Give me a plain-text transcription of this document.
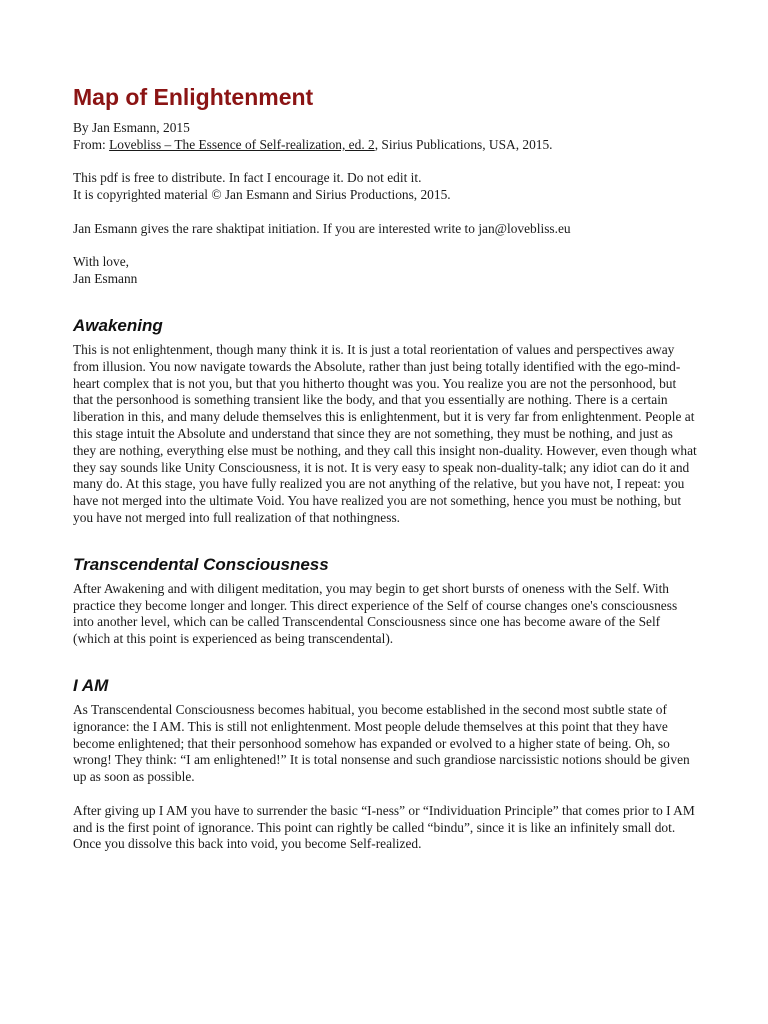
Map of Enlightenment

By Jan Esmann, 2015

From: Lovebliss – The Essence of Self-realization, ed. 2, Sirius Publications, USA, 2015.

This pdf is free to distribute. In fact I encourage it. Do not edit it.

It is copyrighted material © Jan Esmann and Sirius Productions, 2015.

Jan Esmann gives the rare shaktipat initiation. If you are interested write to jan@lovebliss.eu

With love,

Jan Esmann

Awakening

This is not enlightenment, though many think it is. It is just a total reorientation of values and perspectives away from illusion. You now navigate towards the Absolute, rather than just being totally identified with the ego-mind-heart complex that is not you, but that you hitherto thought was you. You realize you are not the personhood, but that the personhood is something transient like the body, and that you essentially are nothing. There is a certain liberation in this, and many delude themselves this is enlightenment, but it is very far from enlightenment. People at this stage intuit the Absolute and understand that since they are not something, they must be nothing, and just as they are nothing, everything else must be nothing, and they call this insight non-duality. However, even though what they say sounds like Unity Consciousness, it is not. It is very easy to speak non-duality-talk; any idiot can do it and many do. At this stage, you have fully realized you are not anything of the relative, but you have not, I repeat: you have not merged into the ultimate Void. You have realized you are not something, hence you must be nothing, but you have not merged into full realization of that nothingness.

Transcendental Consciousness

After Awakening and with diligent meditation, you may begin to get short bursts of oneness with the Self. With practice they become longer and longer. This direct experience of the Self of course changes one's consciousness into another level, which can be called Transcendental Consciousness since one has become aware of the Self (which at this point is experienced as being transcendental).

I AM

As Transcendental Consciousness becomes habitual, you become established in the second most subtle state of ignorance: the I AM. This is still not enlightenment. Most people delude themselves at this point that they have become enlightened; that their personhood somehow has expanded or evolved to a higher state of being. Oh, so wrong! They think: “I am enlightened!” It is total nonsense and such grandiose narcissistic notions should be given up as soon as possible.

After giving up I AM you have to surrender the basic “I-ness” or “Individuation Principle” that comes prior to I AM and is the first point of ignorance. This point can rightly be called “bindu”, since it is like an infinitely small dot. Once you dissolve this back into void, you become Self-realized.
